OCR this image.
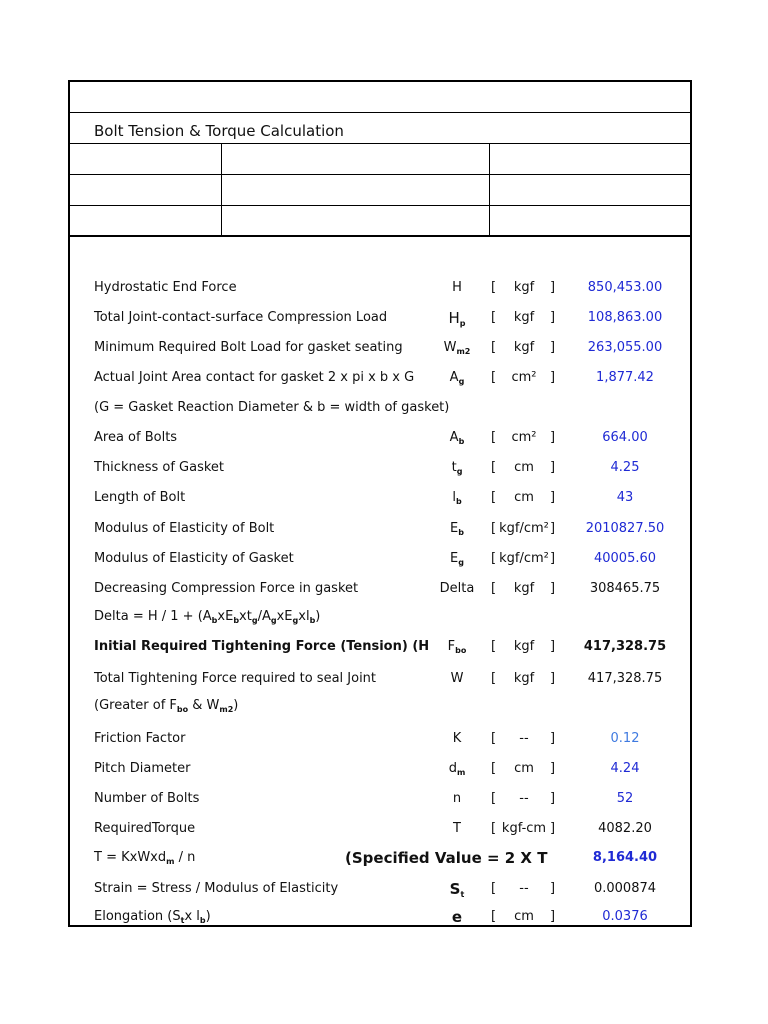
Bolt Tension & Torque Calculation
Hydrostatic End Force	H	[	kgf	]	850,453.00
Total Joint-contact-surface Compression Load	$H_p$	[	kgf	]	108,863.00
Minimum Required Bolt Load for gasket seating	$W_{m2}$	[	kgf	]	263,055.00
Actual Joint Area contact for gasket 2 x pi x b x G	$A_g$	[	cm²	]	1,877.42
(G = Gasket Reaction Diameter & b = width of gasket)
Area of Bolts	$A_b$	[	cm²	]	664.00
Thickness of Gasket	$t_g$	[	cm	]	4.25
Length of Bolt	$l_b$	[	cm	]	43
Modulus of Elasticity of Bolt	$E_b$	[ kgf/cm² ]	2010827.50
Modulus of Elasticity of Gasket	$E_g$	[ kgf/cm² ]	40005.60
Decreasing Compression Force in gasket	Delta	[	kgf	]	308465.75
Delta = $H / 1 + (A_bxE_bxt_g/A_gxE_gxl_b)$
Initial Required Tightening Force (Tension) (H	$F_{bo}$	[	kgf	]	417,328.75
Total Tightening Force required to seal Joint	W	[	kgf	]	417,328.75
(Greater of $F_{bo}$ & $W_{m2}$)
Friction Factor	K	[	--	]	0.12
Pitch Diameter	$d_m$	[	cm	]	4.24
Number of Bolts	n	[	--	]	52
RequiredTorque	T	[ kgf-cm ]	4082.20
T = KxWxd$_m$ / n	(Specified Value = 2 X T	8,164.40
Strain = Stress / Modulus of Elasticity	$S_t$	[	--	]	0.000874
Elongation ($S_tx$ $l_b$)	e	[	cm	]	0.0376
